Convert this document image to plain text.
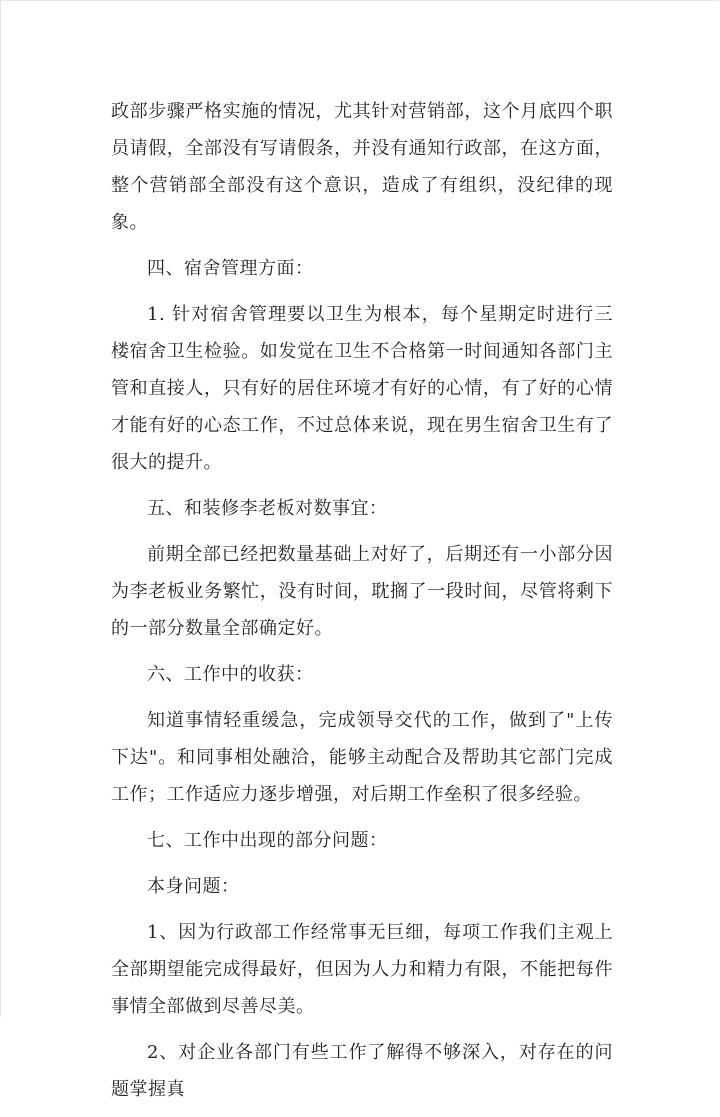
政部步骤严格实施的情况，尤其针对营销部，这个月底四个职员请假，全部没有写请假条，并没有通知行政部，在这方面，整个营销部全部没有这个意识，造成了有组织，没纪律的现象。

四、宿舍管理方面：

1. 针对宿舍管理要以卫生为根本，每个星期定时进行三楼宿舍卫生检验。如发觉在卫生不合格第一时间通知各部门主管和直接人，只有好的居住环境才有好的心情，有了好的心情才能有好的心态工作，不过总体来说，现在男生宿舍卫生有了很大的提升。

五、和装修李老板对数事宜：

前期全部已经把数量基础上对好了，后期还有一小部分因为李老板业务繁忙，没有时间，耽搁了一段时间，尽管将剩下的一部分数量全部确定好。

六、工作中的收获：

知道事情轻重缓急，完成领导交代的工作，做到了"上传下达"。和同事相处融洽，能够主动配合及帮助其它部门完成工作；工作适应力逐步增强，对后期工作垒积了很多经验。

七、工作中出现的部分问题：

本身问题：

1、因为行政部工作经常事无巨细，每项工作我们主观上全部期望能完成得最好，但因为人力和精力有限，不能把每件事情全部做到尽善尽美。

2、对企业各部门有些工作了解得不够深入，对存在的问题掌握真
